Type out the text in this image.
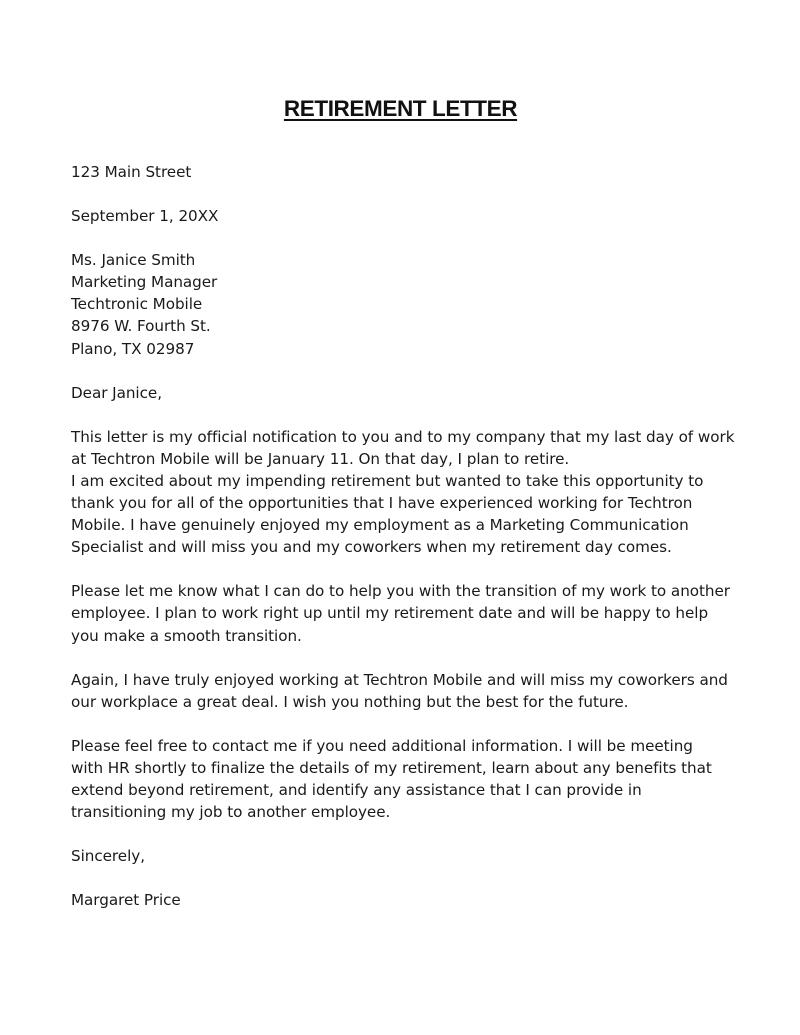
RETIREMENT LETTER
123 Main Street
September 1, 20XX
Ms. Janice Smith
Marketing Manager
Techtronic Mobile
8976 W. Fourth St.
Plano, TX 02987
Dear Janice,
This letter is my official notification to you and to my company that my last day of work
at Techtron Mobile will be January 11. On that day, I plan to retire.
I am excited about my impending retirement but wanted to take this opportunity to
thank you for all of the opportunities that I have experienced working for Techtron
Mobile. I have genuinely enjoyed my employment as a Marketing Communication
Specialist and will miss you and my coworkers when my retirement day comes.
Please let me know what I can do to help you with the transition of my work to another
employee. I plan to work right up until my retirement date and will be happy to help
you make a smooth transition.
Again, I have truly enjoyed working at Techtron Mobile and will miss my coworkers and
our workplace a great deal. I wish you nothing but the best for the future.
Please feel free to contact me if you need additional information. I will be meeting
with HR shortly to finalize the details of my retirement, learn about any benefits that
extend beyond retirement, and identify any assistance that I can provide in
transitioning my job to another employee.
Sincerely,
Margaret Price
